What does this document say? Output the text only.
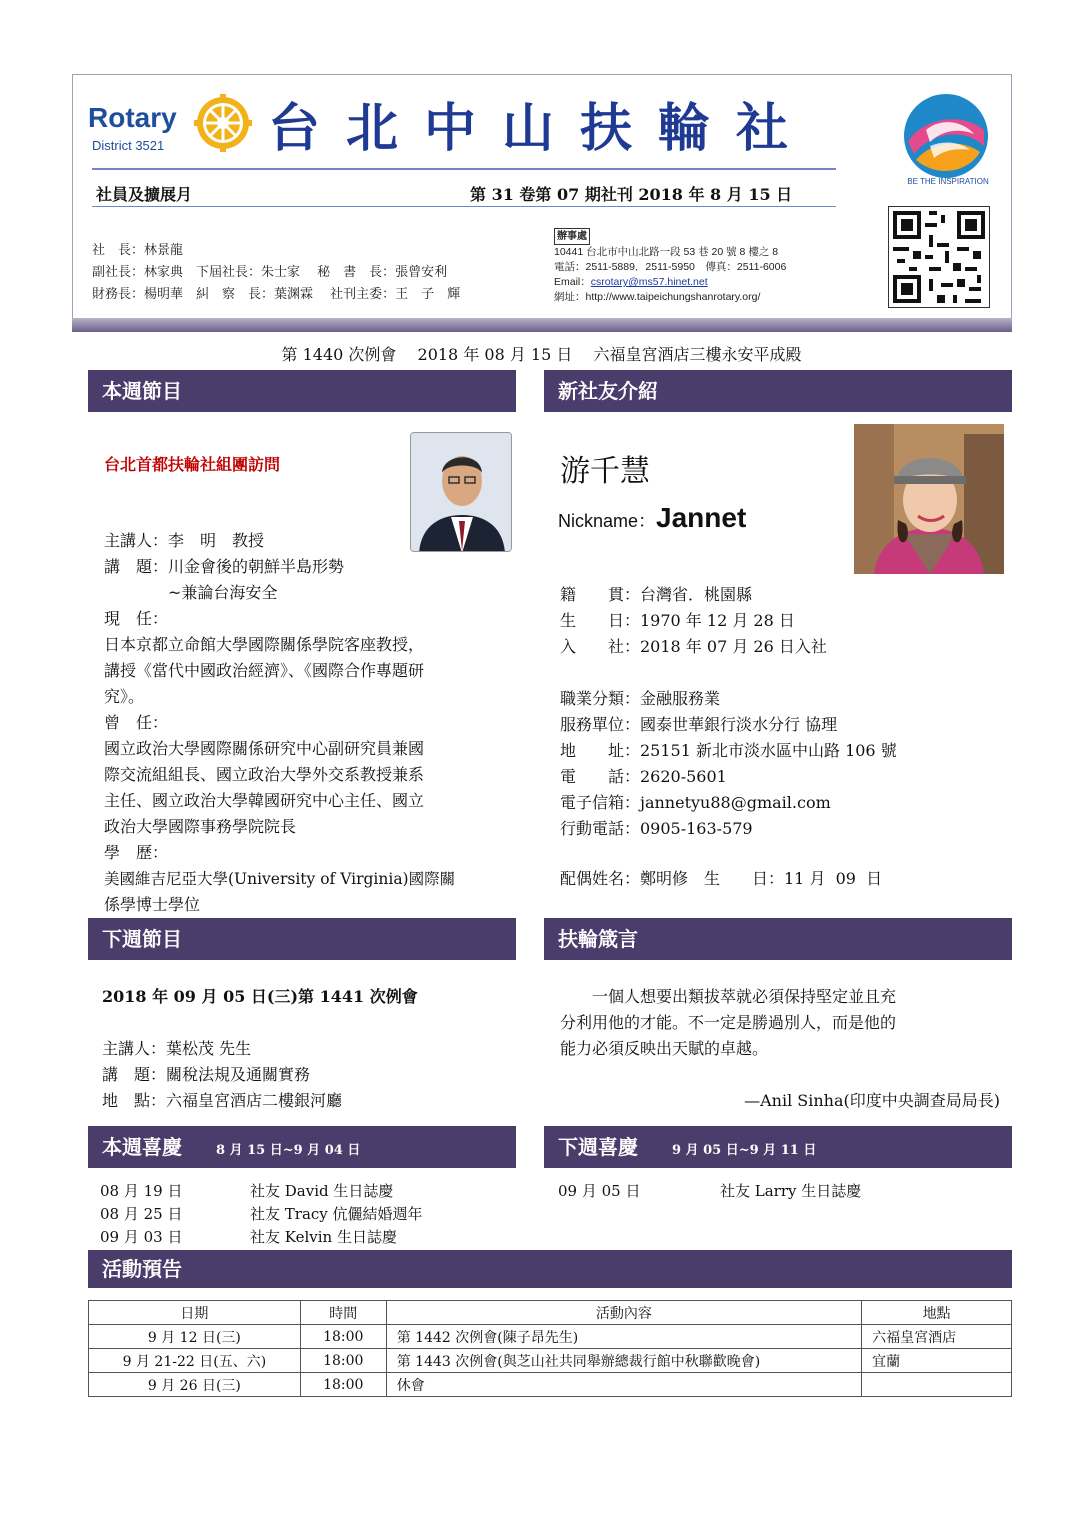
Rotary
District 3521 台北中山扶輪社
BE THE INSPIRATION
社員及擴展月	第 31 卷第 07 期社刊 2018 年 8 月 15 日
社　長：林景龍
副社長：林家典　下屆社長：朱士家　 秘　書　長：張曾安利
財務長：楊明華　糾　察　長：葉渊霖　 社刊主委：王　子　輝
辦事處
10441 台北市中山北路一段 53 巷 20 號 8 樓之 8
電話：2511-5889．2511-5950　傳真：2511-6006
Email：csrotary@ms57.hinet.net
網址：http://www.taipeichungshanrotary.org/
第 1440 次例會　 2018 年 08 月 15 日　 六福皇宮酒店三樓永安平成殿
本週節目
台北首都扶輪社組團訪問
主講人：李　明　教授
講　題：川金會後的朝鮮半島形勢
　　　　~兼論台海安全
現　任：
日本京都立命館大學國際關係學院客座教授，
講授《當代中國政治經濟》、《國際合作專題研
究》。
曾　任：
國立政治大學國際關係研究中心副研究員兼國
際交流組組長、國立政治大學外交系教授兼系
主任、國立政治大學韓國研究中心主任、國立
政治大學國際事務學院院長
學　歷：
美國維吉尼亞大學(University of Virginia)國際關
係學博士學位
新社友介紹
游千慧
Nickname：Jannet
籍　　貫：台灣省．桃園縣
生　　日：1970 年 12 月 28 日
入　　社：2018 年 07 月 26 日入社
職業分類：金融服務業
服務單位：國泰世華銀行淡水分行 協理
地　　址：25151 新北市淡水區中山路 106 號
電　　話：2620-5601
電子信箱：jannetyu88@gmail.com
行動電話：0905-163-579
配偶姓名：鄭明修　生　　日：11 月  09  日
下週節目
2018 年 09 月 05 日(三)第 1441 次例會
主講人：葉松茂 先生
講　題：關稅法規及通關實務
地　點：六福皇宮酒店二樓銀河廳
扶輪箴言
　　一個人想要出類拔萃就必須保持堅定並且充
分利用他的才能。不一定是勝過別人，而是他的
能力必須反映出天賦的卓越。
—Anil Sinha(印度中央調查局局長)
本週喜慶	8 月 15 日~9 月 04 日
08 月 19 日	社友 David 生日誌慶
08 月 25 日	社友 Tracy 伉儷結婚週年
09 月 03 日	社友 Kelvin 生日誌慶
下週喜慶	9 月 05 日~9 月 11 日
09 月 05 日	社友 Larry 生日誌慶
活動預告
日期	時間	活動內容	地點
9 月 12 日(三)	18:00	第 1442 次例會(陳子昂先生)	六福皇宮酒店
9 月 21-22 日(五、六)	18:00	第 1443 次例會(與芝山社共同舉辦總裁行館中秋聯歡晚會)	宜蘭
9 月 26 日(三)	18:00	休會	
